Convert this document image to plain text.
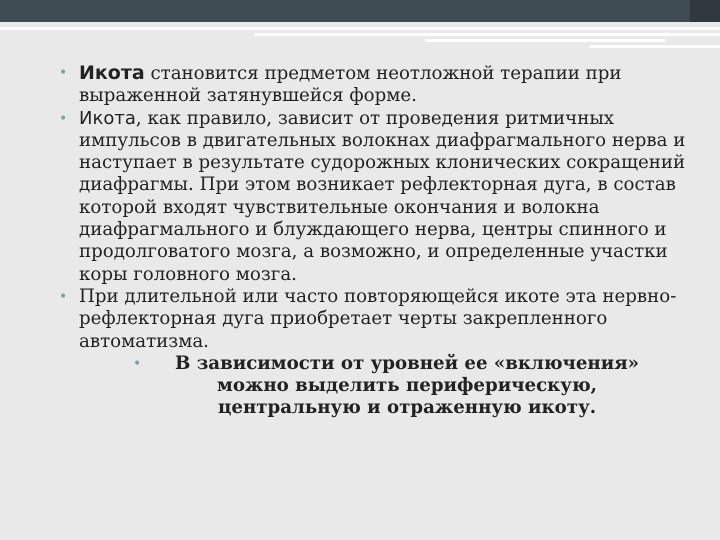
• Икота становится предметом неотложной терапии при выраженной затянувшейся форме.

• Икота, как правило, зависит от проведения ритмичных импульсов в двигательных волокнах диафрагмального нерва и наступает в результате судорожных клонических сокращений диафрагмы. При этом возникает рефлекторная дуга, в состав которой входят чувствительные окончания и волокна диафрагмального и блуждающего нерва, центры спинного и продолговатого мозга, а возможно, и определенные участки коры головного мозга.

• При длительной или часто повторяющейся икоте эта нервно-рефлекторная дуга приобретает черты закрепленного автоматизма.

• В зависимости от уровней ее «включения» можно выделить периферическую, центральную и отраженную икоту.
